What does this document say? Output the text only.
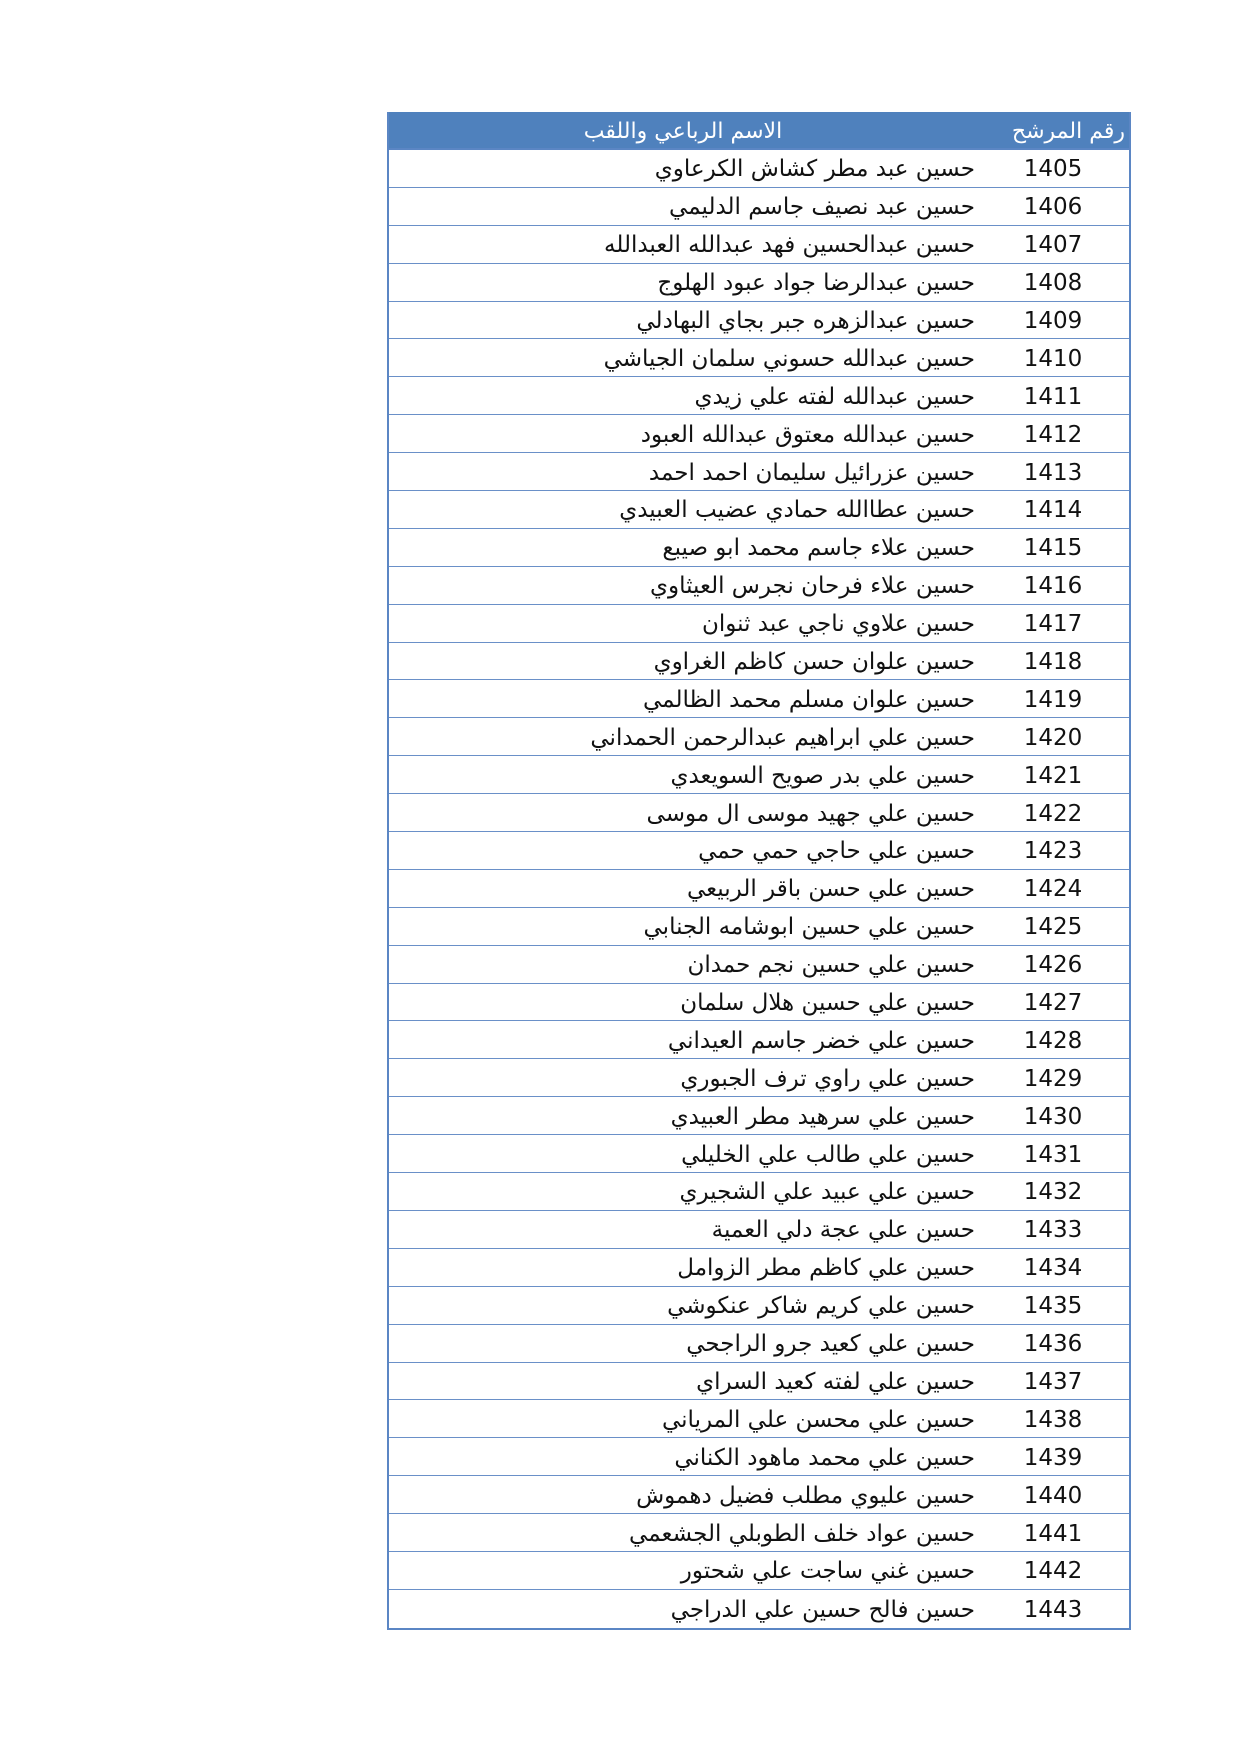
رقم المرشح
الاسم الرباعي واللقب
1405
حسين عبد مطر كشاش الكرعاوي
1406
حسين عبد نصيف جاسم الدليمي
1407
حسين عبدالحسين فهد عبدالله العبدالله
1408
حسين عبدالرضا جواد عبود الهلوج
1409
حسين عبدالزهره جبر بجاي البهادلي
1410
حسين عبدالله حسوني سلمان الجياشي
1411
حسين عبدالله لفته علي زيدي
1412
حسين عبدالله معتوق عبدالله العبود
1413
حسين عزرائيل سليمان احمد احمد
1414
حسين عطاالله حمادي عضيب العبيدي
1415
حسين علاء جاسم محمد ابو صيبع
1416
حسين علاء فرحان نجرس العيثاوي
1417
حسين علاوي ناجي عبد ثنوان
1418
حسين علوان حسن كاظم الغراوي
1419
حسين علوان مسلم محمد الظالمي
1420
حسين علي ابراهيم عبدالرحمن الحمداني
1421
حسين علي بدر صويح السويعدي
1422
حسين علي جهيد موسى ال موسى
1423
حسين علي حاجي حمي حمي
1424
حسين علي حسن باقر الربيعي
1425
حسين علي حسين ابوشامه الجنابي
1426
حسين علي حسين نجم حمدان
1427
حسين علي حسين هلال سلمان
1428
حسين علي خضر جاسم العيداني
1429
حسين علي راوي ترف الجبوري
1430
حسين علي سرهيد مطر العبيدي
1431
حسين علي طالب علي الخليلي
1432
حسين علي عبيد علي الشجيري
1433
حسين علي عجة دلي العمية
1434
حسين علي كاظم مطر الزوامل
1435
حسين علي كريم شاكر عنكوشي
1436
حسين علي كعيد جرو الراجحي
1437
حسين علي لفته كعيد السراي
1438
حسين علي محسن علي المرياني
1439
حسين علي محمد ماهود الكناني
1440
حسين عليوي مطلب فضيل دهموش
1441
حسين عواد خلف الطوبلي الجشعمي
1442
حسين غني ساجت علي شحتور
1443
حسين فالح حسين علي الدراجي
